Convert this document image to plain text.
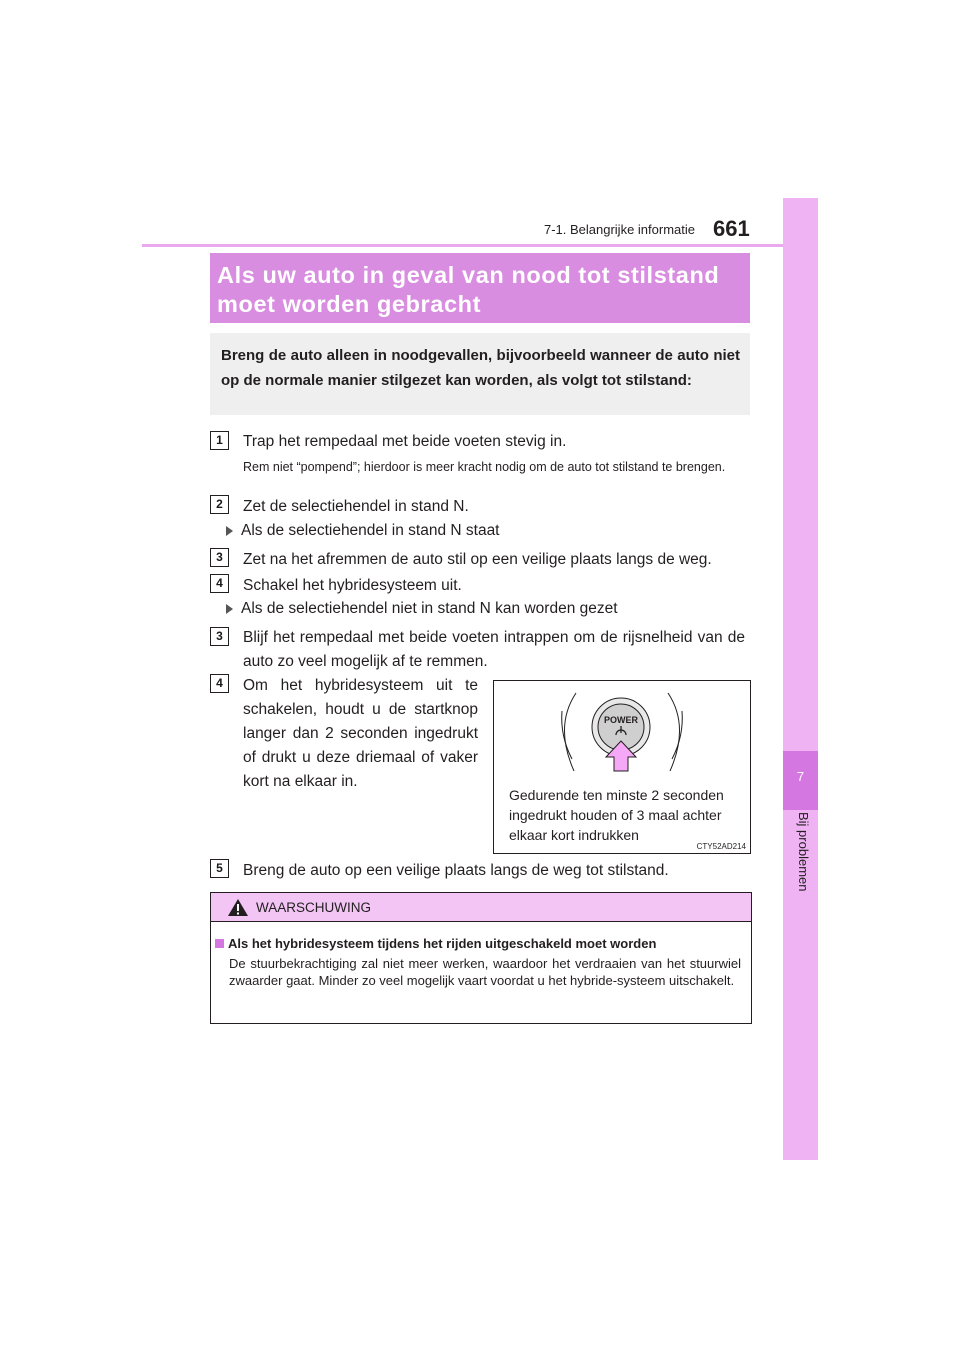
7-1. Belangrijke informatie 661
7
Bij problemen
Als uw auto in geval van nood tot stilstand moet worden gebracht
Breng de auto alleen in noodgevallen, bijvoorbeeld wanneer de auto niet op de normale manier stilgezet kan worden, als volgt tot stilstand:
1	Trap het rempedaal met beide voeten stevig in.
Rem niet “pompend”; hierdoor is meer kracht nodig om de auto tot stilstand te brengen.
2	Zet de selectiehendel in stand N.
Als de selectiehendel in stand N staat
3	Zet na het afremmen de auto stil op een veilige plaats langs de weg.
4	Schakel het hybridesysteem uit.
Als de selectiehendel niet in stand N kan worden gezet
3	Blijf het rempedaal met beide voeten intrappen om de rijsnelheid van de auto zo veel mogelijk af te remmen.
4	Om het hybridesysteem uit te schakelen, houdt u de startknop langer dan 2 seconden ingedrukt of drukt u deze driemaal of vaker kort na elkaar in.
POWER
Gedurende ten minste 2 seconden ingedrukt houden of 3 maal achter elkaar kort indrukken
CTY52AD214
5	Breng de auto op een veilige plaats langs de weg tot stilstand.
WAARSCHUWING
Als het hybridesysteem tijdens het rijden uitgeschakeld moet worden
De stuurbekrachtiging zal niet meer werken, waardoor het verdraaien van het stuurwiel zwaarder gaat. Minder zo veel mogelijk vaart voordat u het hybride-systeem uitschakelt.
